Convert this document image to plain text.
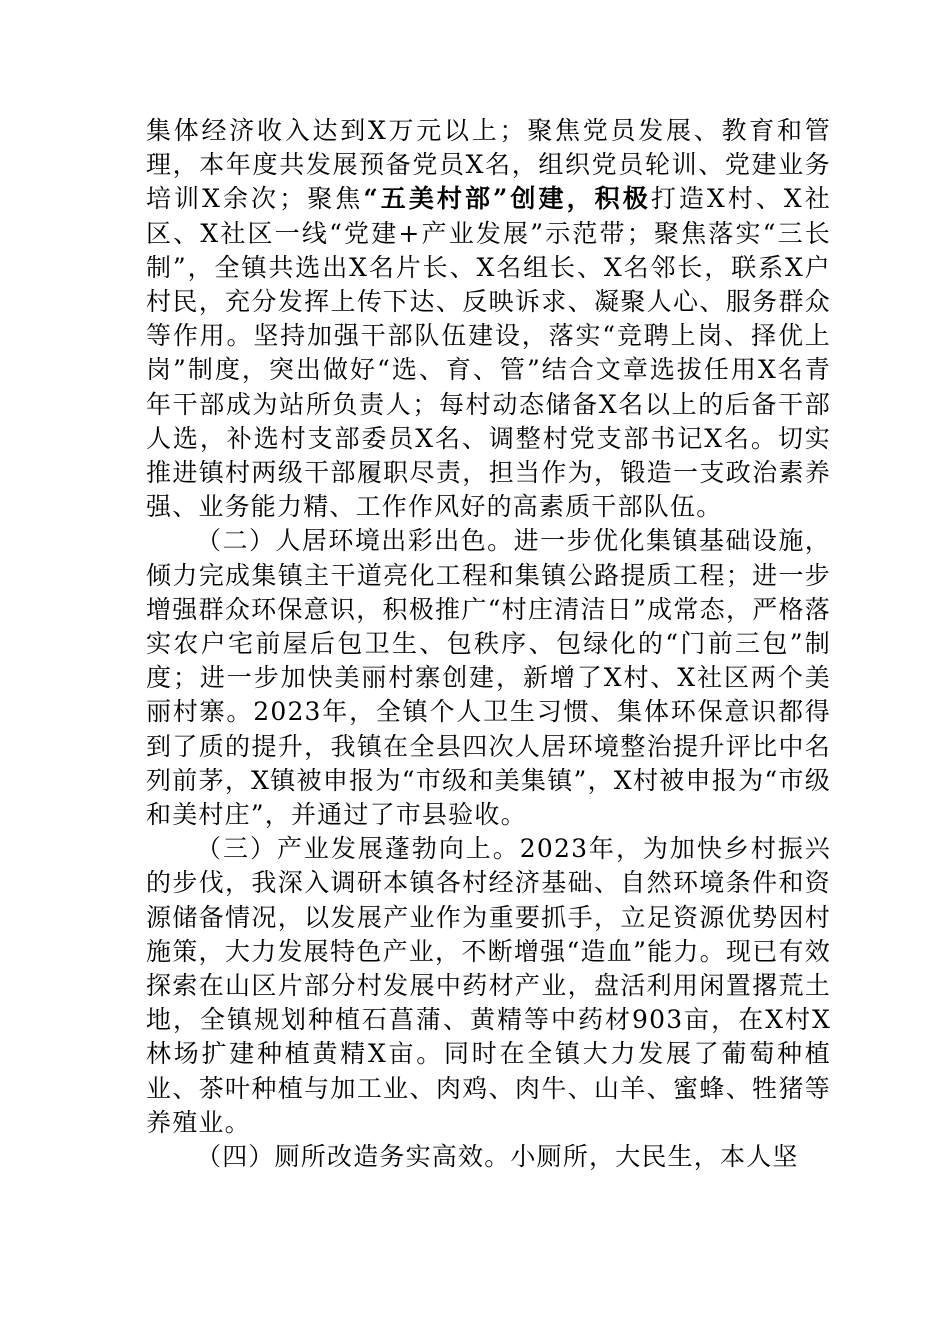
集体经济收入达到X万元以上；聚焦党员发展、教育和管理，本年度共发展预备党员X名，组织党员轮训、党建业务培训X余次；聚焦“五美村部”创建，积极打造X村、X社区、X社区一线“党建+产业发展”示范带；聚焦落实“三长制”，全镇共选出X名片长、X名组长、X名邻长，联系X户村民，充分发挥上传下达、反映诉求、凝聚人心、服务群众等作用。坚持加强干部队伍建设，落实“竞聘上岗、择优上岗”制度，突出做好“选、育、管”结合文章选拔任用X名青年干部成为站所负责人；每村动态储备X名以上的后备干部人选，补选村支部委员X名、调整村党支部书记X名。切实推进镇村两级干部履职尽责，担当作为，锻造一支政治素养强、业务能力精、工作作风好的高素质干部队伍。

（二）人居环境出彩出色。进一步优化集镇基础设施，倾力完成集镇主干道亮化工程和集镇公路提质工程；进一步增强群众环保意识，积极推广“村庄清洁日”成常态，严格落实农户宅前屋后包卫生、包秩序、包绿化的“门前三包”制度；进一步加快美丽村寨创建，新增了X村、X社区两个美丽村寨。2023年，全镇个人卫生习惯、集体环保意识都得到了质的提升，我镇在全县四次人居环境整治提升评比中名列前茅，X镇被申报为“市级和美集镇”，X村被申报为“市级和美村庄”，并通过了市县验收。

（三）产业发展蓬勃向上。2023年，为加快乡村振兴的步伐，我深入调研本镇各村经济基础、自然环境条件和资源储备情况，以发展产业作为重要抓手，立足资源优势因村施策，大力发展特色产业，不断增强“造血”能力。现已有效探索在山区片部分村发展中药材产业，盘活利用闲置撂荒土地，全镇规划种植石菖蒲、黄精等中药材903亩，在X村X林场扩建种植黄精X亩。同时在全镇大力发展了葡萄种植业、茶叶种植与加工业、肉鸡、肉牛、山羊、蜜蜂、牲猪等养殖业。

（四）厕所改造务实高效。小厕所，大民生，本人坚
